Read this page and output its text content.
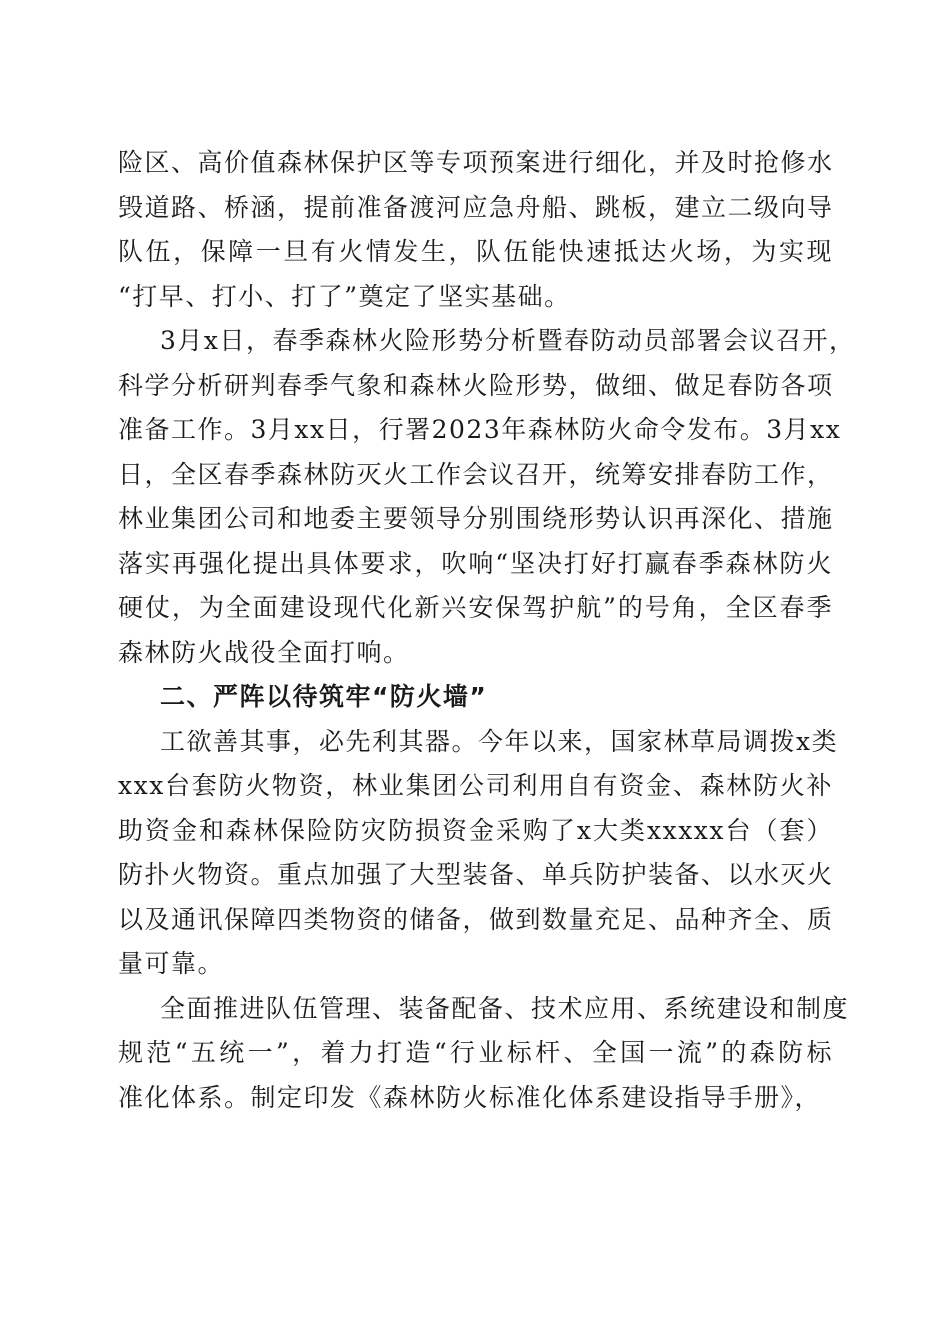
险区、高价值森林保护区等专项预案进行细化，并及时抢修水
毁道路、桥涵，提前准备渡河应急舟船、跳板，建立二级向导
队伍，保障一旦有火情发生，队伍能快速抵达火场，为实现
“打早、打小、打了”奠定了坚实基础。
3月x日，春季森林火险形势分析暨春防动员部署会议召开，
科学分析研判春季气象和森林火险形势，做细、做足春防各项
准备工作。3月xx日，行署2023年森林防火命令发布。3月xx
日，全区春季森林防灭火工作会议召开，统筹安排春防工作，
林业集团公司和地委主要领导分别围绕形势认识再深化、措施
落实再强化提出具体要求，吹响“坚决打好打赢春季森林防火
硬仗，为全面建设现代化新兴安保驾护航”的号角，全区春季
森林防火战役全面打响。
二、严阵以待筑牢“防火墙”
工欲善其事，必先利其器。今年以来，国家林草局调拨x类
xxx台套防火物资，林业集团公司利用自有资金、森林防火补
助资金和森林保险防灾防损资金采购了x大类xxxxx台（套）
防扑火物资。重点加强了大型装备、单兵防护装备、以水灭火
以及通讯保障四类物资的储备，做到数量充足、品种齐全、质
量可靠。
全面推进队伍管理、装备配备、技术应用、系统建设和制度
规范“五统一”，着力打造“行业标杆、全国一流”的森防标
准化体系。制定印发《森林防火标准化体系建设指导手册》，
